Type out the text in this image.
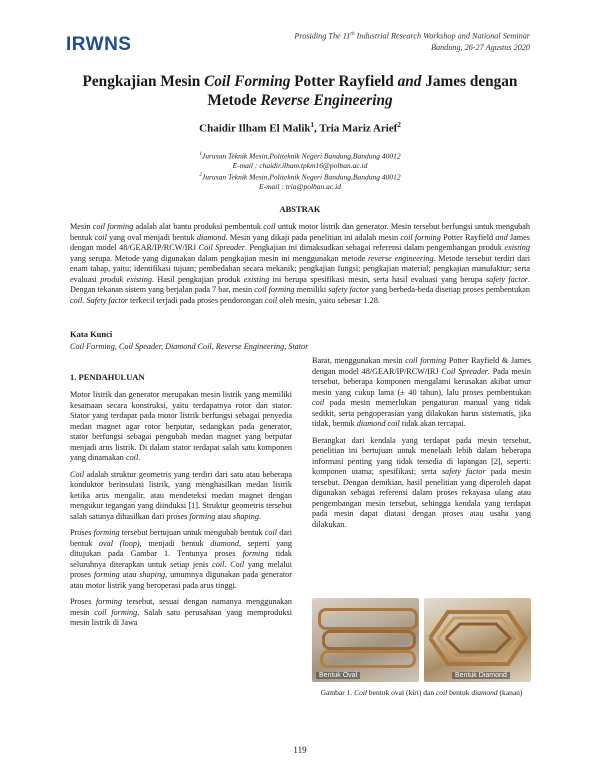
IRWNS	Prosiding The 11th Industrial Research Workshop and National Seminar
Bandung, 26-27 Agustus 2020
Pengkajian Mesin Coil Forming Potter Rayfield and James dengan Metode Reverse Engineering
Chaidir Ilham El Malik$^1$, Tria Mariz Arief$^2$
$^1$Jurusan Teknik Mesin,Politeknik Negeri Bandung,Bandung 40012
E-mail : chaidir.ilham.tpkm16@polban.ac.id
$^2$Jurusan Teknik Mesin,Politeknik Negeri Bandung,Bandung 40012
E-mail : tria@polban.ac.id
ABSTRAK
Mesin coil forming adalah alat bantu produksi pembentuk coil untuk motor listrik dan generator. Mesin tersebut berfungsi untuk mengubah bentuk coil yang oval menjadi bentuk diamond. Mesin yang dikaji pada penelitian ini adalah mesin coil forming Potter Rayfield and James dengan model 48/GEAR/IP/RCW/IRJ Coil Spreader. Pengkajian ini dimaksudkan sebagai referensi dalam pengembangan produk existing yang serupa. Metode yang digunakan dalam pengkajian mesin ini menggunakan metode reverse engineering. Metode tersebut terdiri dari enam tahap, yaitu; identifikasi tujuan; pembedahan secara mekanik; pengkajian fungsi; pengkajian material; pengkajian manufaktur; serta evaluasi produk existing. Hasil pengkajian produk existing ini berupa spesifikasi mesin, serta hasil evaluasi yang berupa safety factor. Dengan tekanan sistem yang berjalan pada 7 bar, mesin coil forming memiliki safety factor yang berbeda-beda disetiap proses pembentukan coil. Safety factor terkecil terjadi pada proses pendorongan coil oleh mesin, yaitu sebesar 1.28.
Kata Kunci
Coil Forming, Coil Speader, Diamond Coil, Reverse Engineering, Stator
1. PENDAHULUAN

Motor listrik dan generator merupakan mesin listrik yang memiliki kesamaan secara konstruksi, yaitu terdapatnya rotor dan stator. Stator yang terdapat pada motor listrik berfungsi sebagai penyedia medan magnet agar rotor berputar, sedangkan pada generator, stator berfungsi sebagai pengubah medan magnet yang berputar menjadi arus listrik. Di dalam stator terdapat salah satu komponen yang dinamakan coil.

Coil adalah struktur geometris yang terdiri dari satu atau beberapa konduktor berinsulasi listrik, yang menghasilkan medan listrik ketika arus mengalir, atau mendeteksi medan magnet dengan mengukur tegangan yang diinduksi [1]. Struktur geometris tersebut salah satunya dihasilkan dari proses forming atau shaping.

Proses forming tersebut bertujuan untuk mengubah bentuk coil dari bentuk oval (loop), menjadi bentuk diamond, seperti yang ditujukan pada Gambar 1. Tentunya proses forming tidak seluruhnya diterapkan untuk setiap jenis coil. Coil yang melalui proses forming atau shaping, umumnya digunakan pada generator atau motor listrik yang beroperasi pada arus tinggi.

Proses forming tersebut, sesuai dengan namanya menggunakan mesin coil forming. Salah satu perusahaan yang memproduksi mesin listrik di Jawa

Barat, menggunakan mesin coil forming Potter Rayfield & James dengan model 48/GEAR/IP/RCW/IRJ Coil Spreader. Pada mesin tersebut, beberapa komponen mengalami kerusakan akibat umur mesin yang cukup lama (± 40 tahun), lalu proses pembentukan coil pada mesin memerlukan pengaturan manual yang tidak sedikit, serta pengoperasian yang dilakukan harus sistematis, jika tidak, bentuk diamond coil tidak akan tercapai.

Berangkat dari kendala yang terdapat pada mesin tersebut, penelitian ini bertujuan untuk menelaah lebih dalam beberapa informasi penting yang tidak tersedia di lapangan [2], seperti: komponen utama; spesifikasi; serta safety factor pada mesin tersebut. Dengan demikian, hasil penelitian yang diperoleh dapat digunakan sebagai referensi dalam proses rekayasa ulang atau pengembangan mesin tersebut, sehingga kendala yang terdapat pada mesin dapat diatasi dengan proses atau usaha yang dilakukan.

Bentuk Oval	Bentuk Diamond
Gambar 1. Coil bentuk oval (kiri) dan coil bentuk diamond (kanan)
119
